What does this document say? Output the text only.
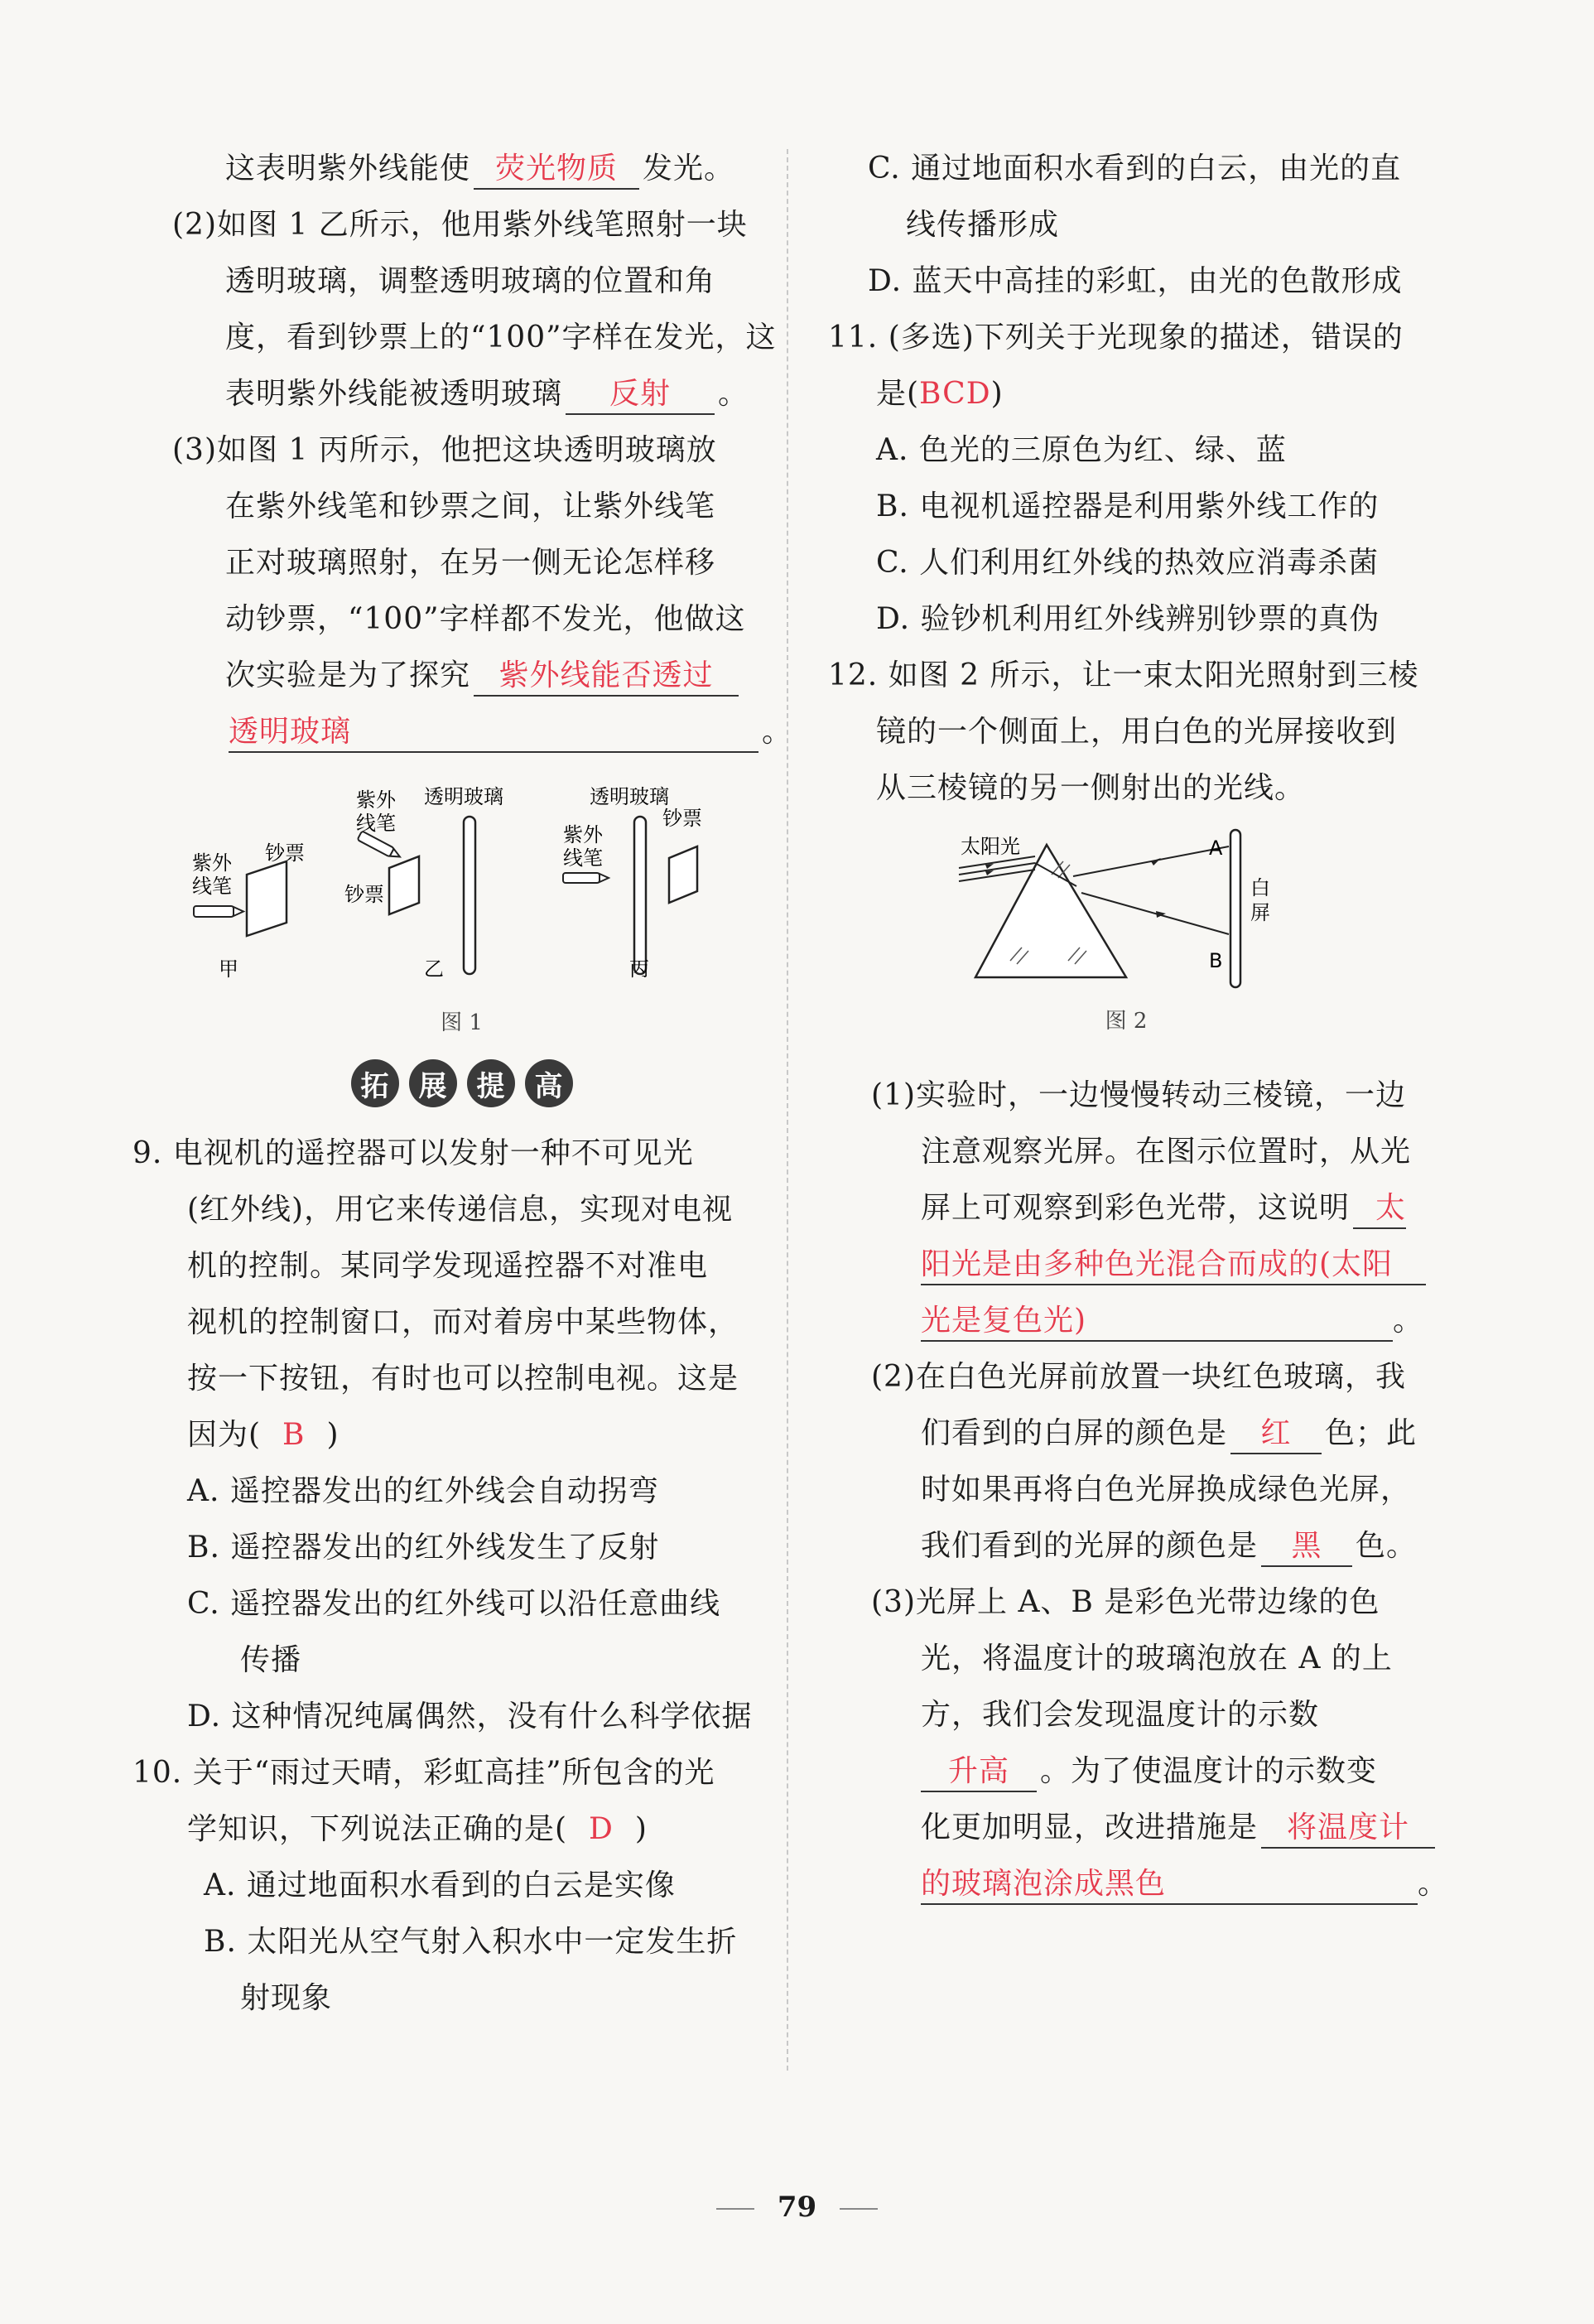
这表明紫外线能使 荧光物质 发光。
(2)如图 1 乙所示，他用紫外线笔照射一块
透明玻璃，调整透明玻璃的位置和角
度，看到钞票上的“100”字样在发光，这
表明紫外线能被透明玻璃 反射 。
(3)如图 1 丙所示，他把这块透明玻璃放
在紫外线笔和钞票之间，让紫外线笔
正对玻璃照射，在另一侧无论怎样移
动钞票，“100”字样都不发光，他做这
次实验是为了探究 紫外线能否透过
透明玻璃	。
紫外
线笔
钞票
甲
紫外
线笔
透明玻璃
钞票
乙
透明玻璃
钞票
紫外
线笔
丙
图 1
拓	展	提	高
9. 电视机的遥控器可以发射一种不可见光
(红外线)，用它来传递信息，实现对电视
机的控制。某同学发现遥控器不对准电
视机的控制窗口，而对着房中某些物体，
按一下按钮，有时也可以控制电视。这是
因为( B )
A. 遥控器发出的红外线会自动拐弯
B. 遥控器发出的红外线发生了反射
C. 遥控器发出的红外线可以沿任意曲线
传播
D. 这种情况纯属偶然，没有什么科学依据
10. 关于“雨过天晴，彩虹高挂”所包含的光
学知识，下列说法正确的是( D )
A. 通过地面积水看到的白云是实像
B. 太阳光从空气射入积水中一定发生折
射现象
C. 通过地面积水看到的白云，由光的直
线传播形成
D. 蓝天中高挂的彩虹，由光的色散形成
11. (多选)下列关于光现象的描述，错误的
是(BCD)
A. 色光的三原色为红、绿、蓝
B. 电视机遥控器是利用紫外线工作的
C. 人们利用红外线的热效应消毒杀菌
D. 验钞机利用红外线辨别钞票的真伪
12. 如图 2 所示，让一束太阳光照射到三棱
镜的一个侧面上，用白色的光屏接收到
从三棱镜的另一侧射出的光线。
太阳光	A
B
白
屏
图 2
(1)实验时，一边慢慢转动三棱镜，一边
注意观察光屏。在图示位置时，从光
屏上可观察到彩色光带，这说明 太
阳光是由多种色光混合而成的(太阳
光是复色光)	。
(2)在白色光屏前放置一块红色玻璃，我
们看到的白屏的颜色是 红 色；此
时如果再将白色光屏换成绿色光屏，
我们看到的光屏的颜色是 黑 色。
(3)光屏上 A、B 是彩色光带边缘的色
光，将温度计的玻璃泡放在 A 的上
方，我们会发现温度计的示数
升高 。为了使温度计的示数变
化更加明显，改进措施是 将温度计
的玻璃泡涂成黑色	。
79
